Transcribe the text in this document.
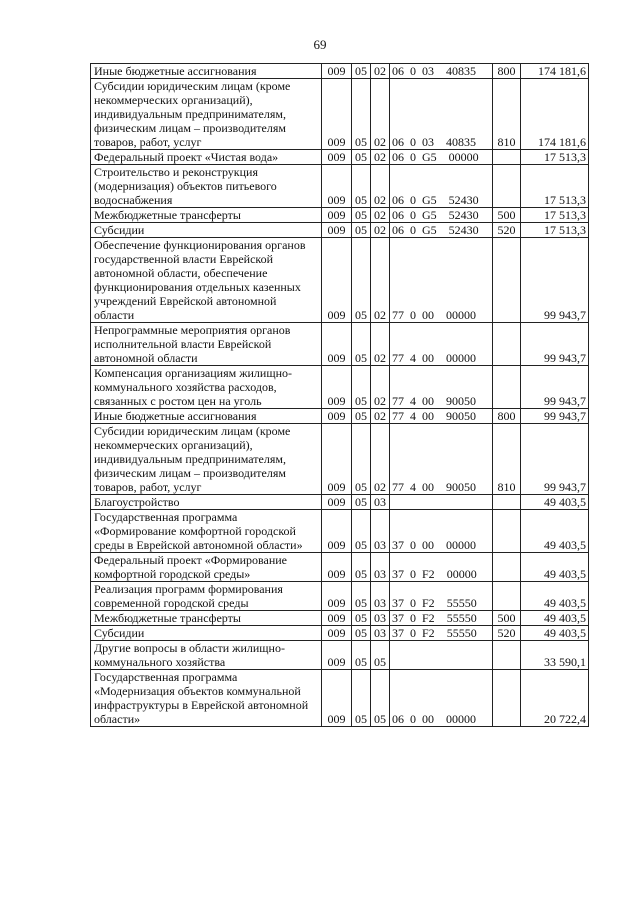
69
Иные бюджетные ассигнования	009	05	02	06 0 03 40835	800	174 181,6
Субсидии юридическим лицам (кроме некоммерческих организаций), индивидуальным предпринимателям, физическим лицам – производителям товаров, работ, услуг	009	05	02	06 0 03 40835	810	174 181,6
Федеральный проект «Чистая вода»	009	05	02	06 0 G5 00000		17 513,3
Строительство и реконструкция (модернизация) объектов питьевого водоснабжения	009	05	02	06 0 G5 52430		17 513,3
Межбюджетные трансферты	009	05	02	06 0 G5 52430	500	17 513,3
Субсидии	009	05	02	06 0 G5 52430	520	17 513,3
Обеспечение функционирования органов государственной власти Еврейской автономной области, обеспечение функционирования отдельных казенных учреждений Еврейской автономной области	009	05	02	77 0 00 00000		99 943,7
Непрограммные мероприятия органов исполнительной власти Еврейской автономной области	009	05	02	77 4 00 00000		99 943,7
Компенсация организациям жилищно-коммунального хозяйства расходов, связанных с ростом цен на уголь	009	05	02	77 4 00 90050		99 943,7
Иные бюджетные ассигнования	009	05	02	77 4 00 90050	800	99 943,7
Субсидии юридическим лицам (кроме некоммерческих организаций), индивидуальным предпринимателям, физическим лицам – производителям товаров, работ, услуг	009	05	02	77 4 00 90050	810	99 943,7
Благоустройство	009	05	03			49 403,5
Государственная программа «Формирование комфортной городской среды в Еврейской автономной области»	009	05	03	37 0 00 00000		49 403,5
Федеральный проект «Формирование комфортной городской среды»	009	05	03	37 0 F2 00000		49 403,5
Реализация программ формирования современной городской среды	009	05	03	37 0 F2 55550		49 403,5
Межбюджетные трансферты	009	05	03	37 0 F2 55550	500	49 403,5
Субсидии	009	05	03	37 0 F2 55550	520	49 403,5
Другие вопросы в области жилищно-коммунального хозяйства	009	05	05			33 590,1
Государственная программа «Модернизация объектов коммунальной инфраструктуры в Еврейской автономной области»	009	05	05	06 0 00 00000		20 722,4
